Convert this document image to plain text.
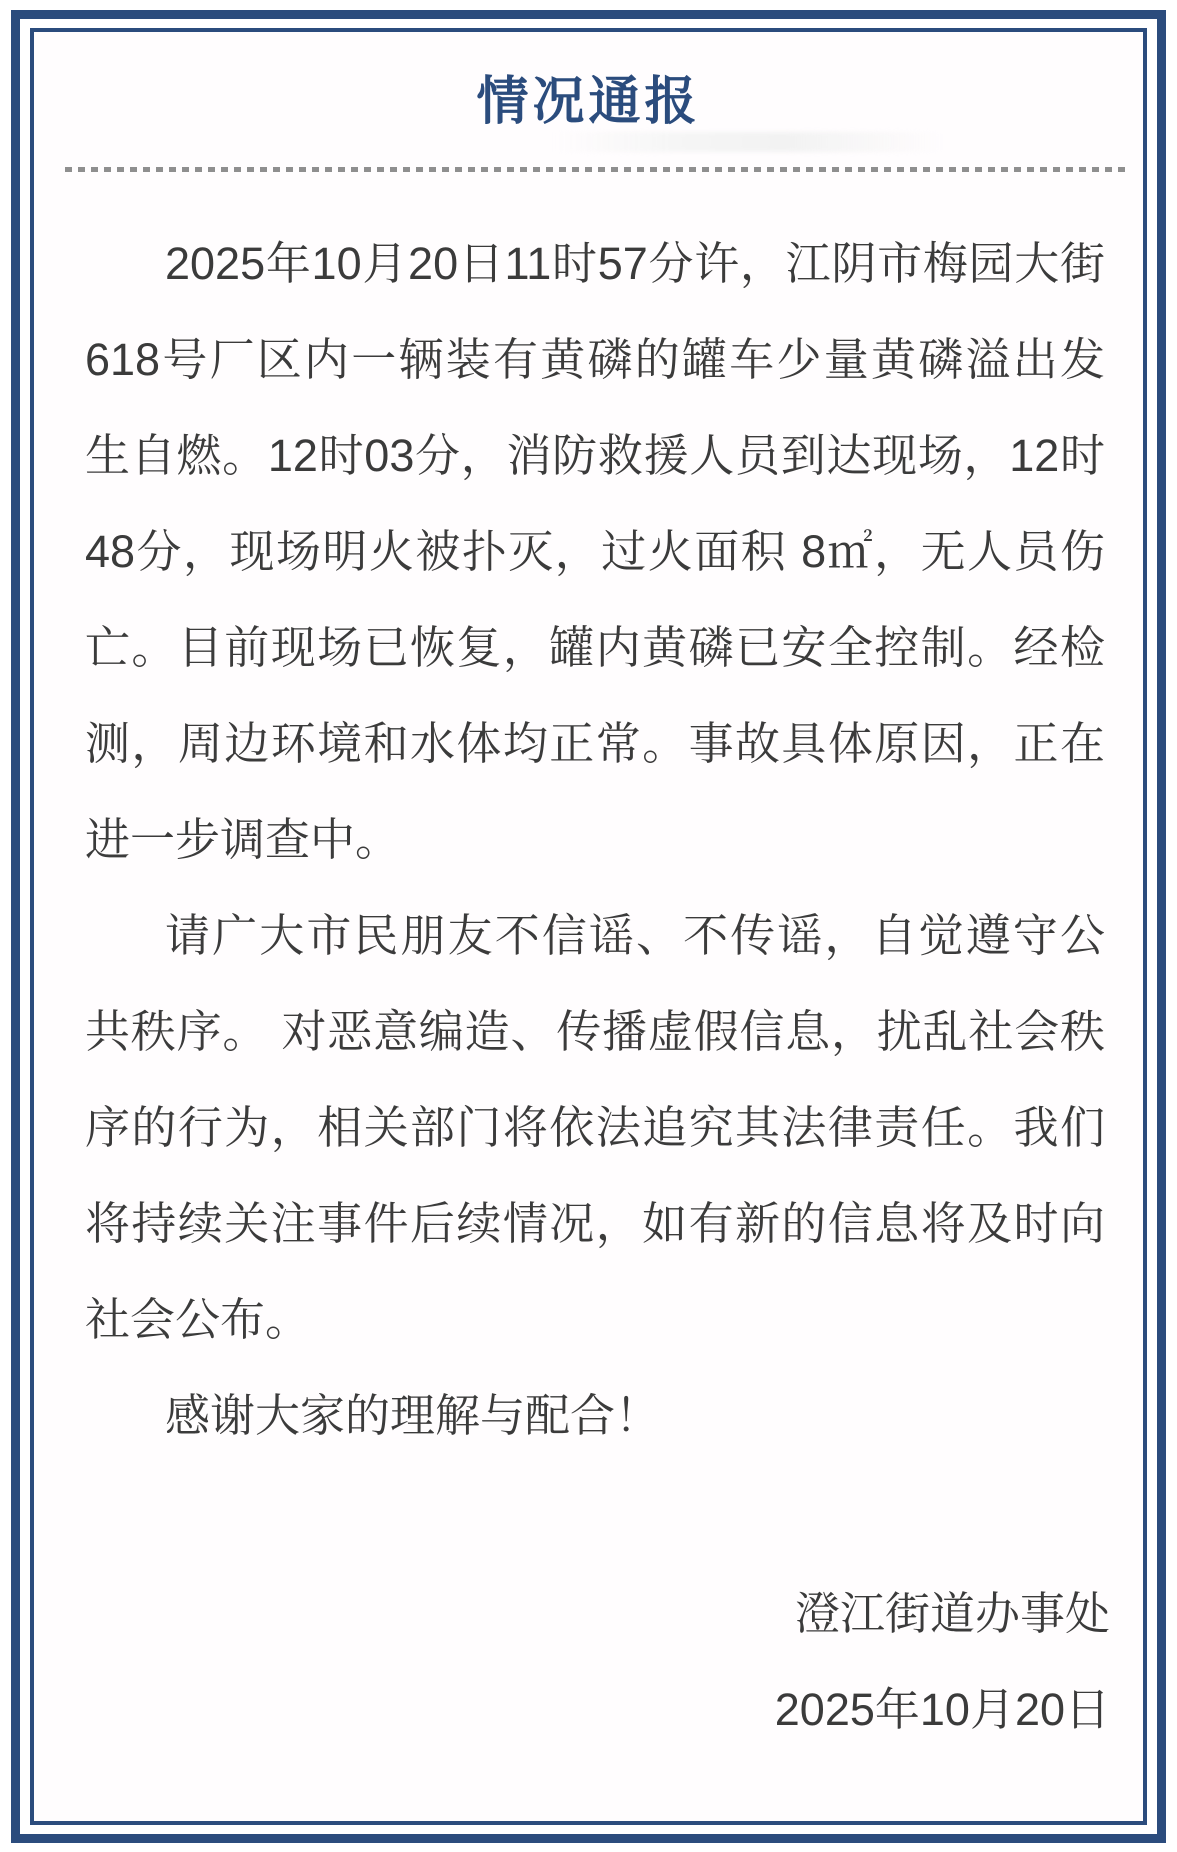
情况通报

2025年10月20日11时57分许，江阴市梅园大街618号厂区内一辆装有黄磷的罐车少量黄磷溢出发生自燃。12时03分，消防救援人员到达现场，12时48分，现场明火被扑灭，过火面积 8㎡，无人员伤亡。目前现场已恢复，罐内黄磷已安全控制。经检测，周边环境和水体均正常。事故具体原因，正在进一步调查中。

请广大市民朋友不信谣、不传谣，自觉遵守公共秩序。 对恶意编造、传播虚假信息，扰乱社会秩序的行为，相关部门将依法追究其法律责任。我们将持续关注事件后续情况，如有新的信息将及时向社会公布。

感谢大家的理解与配合！

澄江街道办事处

2025年10月20日
